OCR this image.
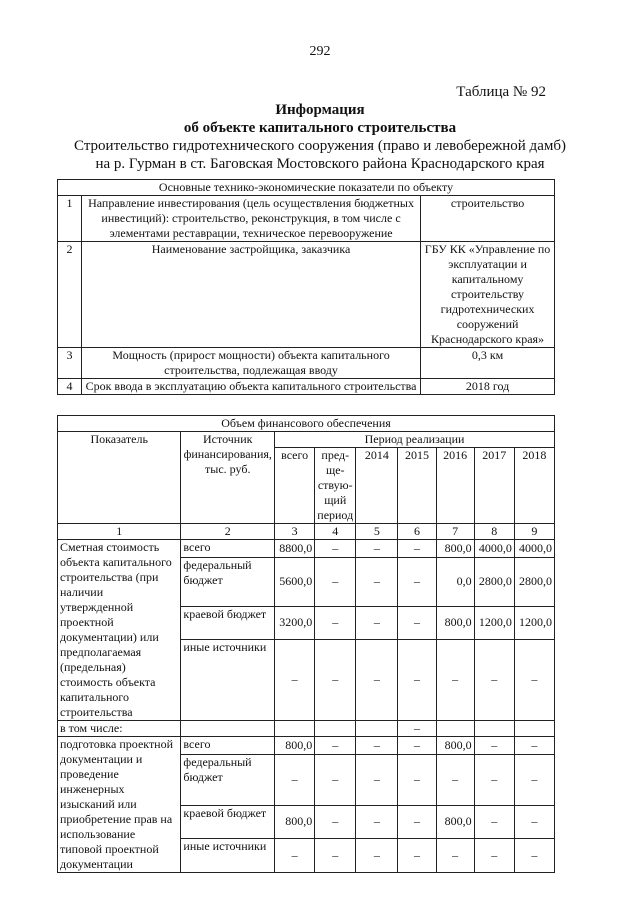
292
Таблица № 92
Информация
об объекте капитального строительства
Строительство гидротехнического сооружения (право и левобережной дамб)
на р. Гурман в ст. Баговская Мостовского района Краснодарского края
Основные технико-экономические показатели по объекту		
1	Направление инвестирования (цель осуществления бюджетных инвестиций): строительство, реконструкция, в том числе с элементами реставрации, техническое перевооружение	строительство
2	Наименование застройщика, заказчика	ГБУ КК «Управление по эксплуатации и капитальному строительству гидротехнических сооружений Краснодарского края»
3	Мощность (прирост мощности) объекта капитального строительства, подлежащая вводу	0,3 км
4	Срок ввода в эксплуатацию объекта капитального строительства	2018 год
Объем финансового обеспечения								
Показатель	Источник финансирования, тыс. руб.	Период реализации						
		всего	пред-ще-ствую-щий период	2014	2015	2016	2017	2018
1	2	3	4	5	6	7	8	9
Сметная стоимость объекта капитального строительства (при наличии утвержденной проектной документации) или предполагаемая (предельная) стоимость объекта капитального строительства	всего	8800,0	–	–	–	800,0	4000,0	4000,0
	федеральный бюджет	5600,0	–	–	–	0,0	2800,0	2800,0
	краевой бюджет	3200,0	–	–	–	800,0	1200,0	1200,0
	иные источники	–	–	–	–	–	–	–
в том числе:					–			
подготовка проектной документации и проведение инженерных изысканий или приобретение прав на использование типовой проектной документации	всего	800,0	–	–	–	800,0	–	–
	федеральный бюджет	–	–	–	–	–	–	–
	краевой бюджет	800,0	–	–	–	800,0	–	–
	иные источники	–	–	–	–	–	–	–
